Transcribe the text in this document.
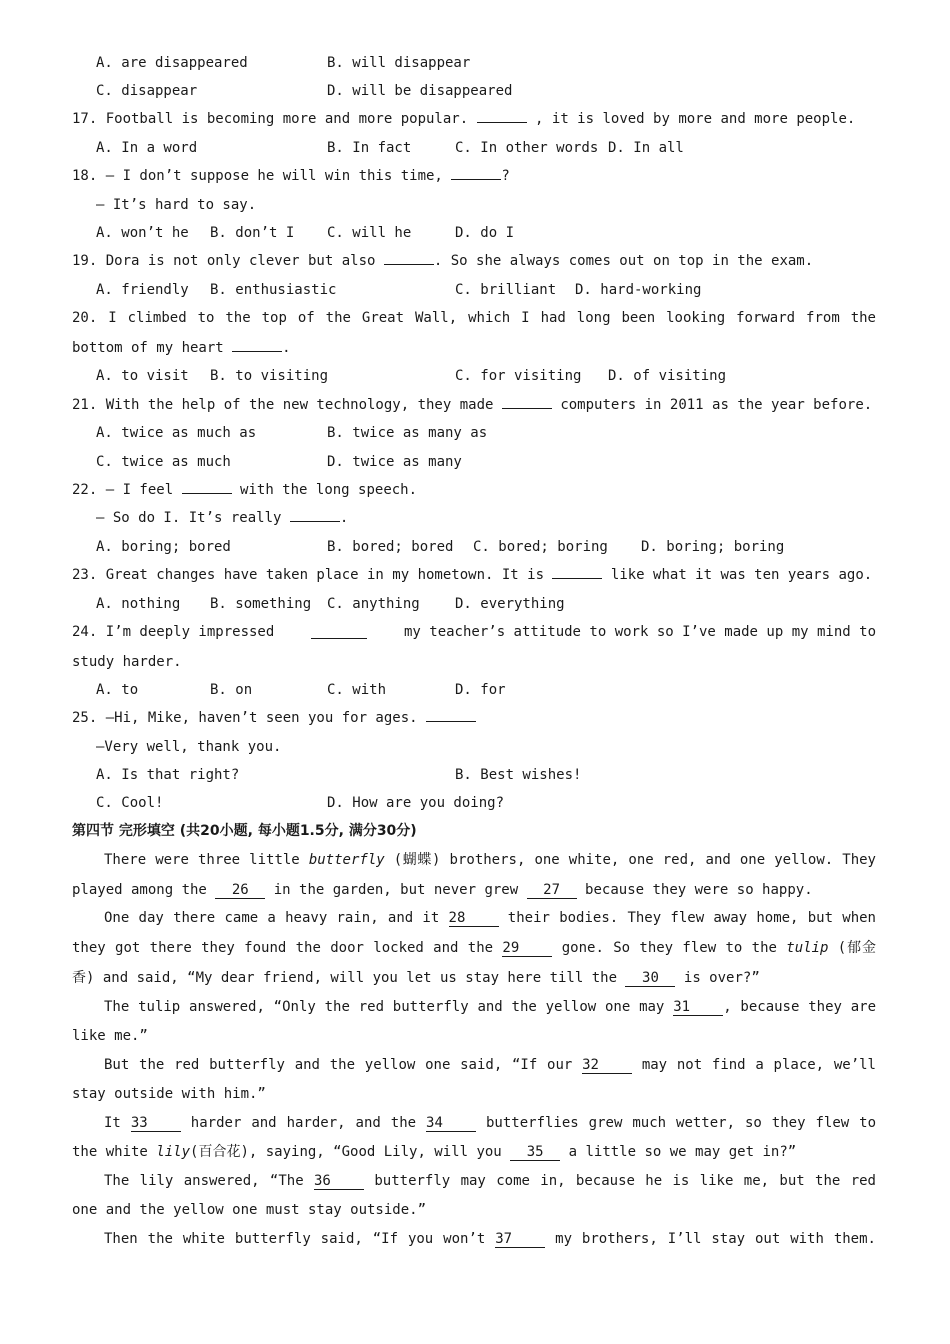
A. are disappeared	B. will disappear
C. disappear	D. will be disappeared
17. Football is becoming more and more popular.	, it is loved by more and more people.
A. In a word	B. In fact	C. In other words D. In all
18. — I don’t suppose he will win this time,	?
— It’s hard to say.
A. won’t he B. don’t I C. will he	D. do I
19. Dora is not only clever but also	. So she always comes out on top in the exam.
A. friendly B. enthusiastic	C. brilliant D. hard-working
20. I climbed to the top of the Great Wall, which I had long been looking forward from the
bottom of my heart	.
A. to visit B. to visiting	C. for visiting D. of visiting
21. With the help of the new technology, they made	computers in 2011 as the year before.
A. twice as much as	B. twice as many as
C. twice as much	D. twice as many
22. — I feel	with the long speech.
— So do I. It’s really	.
A. boring; bored	B. bored; bored C. bored; boring D. boring; boring
23. Great changes have taken place in my hometown. It is	like what it was ten years ago.
A. nothing B. something C. anything	D. everything
24. I’m deeply impressed	my teacher’s attitude to work so I’ve made up my mind to
study harder.
A. to	B. on	C. with	D. for
25. —Hi, Mike, haven’t seen you for ages.
—Very well, thank you.
A. Is that right?	B. Best wishes!
C. Cool!	D. How are you doing?
第四节 完形填空 (共20小题, 每小题1.5分, 满分30分)
There were three little butterfly (蝴蝶) brothers, one white, one red, and one yellow. They
played among the 26 in the garden, but never grew 27 because they were so happy.
One day there came a heavy rain, and it 28	their bodies. They flew away home, but when
they got there they found the door locked and the 29	gone. So they flew to the tulip (郁金
香) and said, “My dear friend, will you let us stay here till the 30 is over?”
The tulip answered, “Only the red butterfly and the yellow one may 31 , because they are
like me.”
But the red butterfly and the yellow one said, “If our 32	may not find a place, we’ll
stay outside with him.”
It 33	harder and harder, and the 34	butterflies grew much wetter, so they flew to
the white lily(百合花), saying, “Good Lily, will you 35 a little so we may get in?”
The lily answered, “The 36	butterfly may come in, because he is like me, but the red
one and the yellow one must stay outside.”
Then the white butterfly said, “If you won’t 37	my brothers, I’ll stay out with them.
